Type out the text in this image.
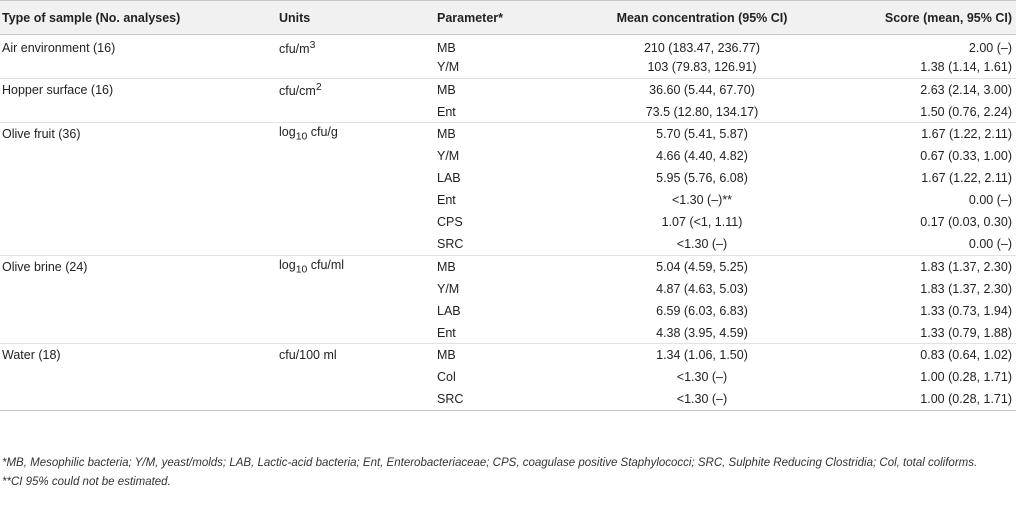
Type of sample (No. analyses)	Units	Parameter*	Mean concentration (95% CI)	Score (mean, 95% CI)
Air environment (16)	cfu/$m^3$	MB	210 (183.47, 236.77)	2.00 (–)
		Y/M	103 (79.83, 126.91)	1.38 (1.14, 1.61)
Hopper surface (16)	cfu/$cm^2$	MB	36.60 (5.44, 67.70)	2.63 (2.14, 3.00)
		Ent	73.5 (12.80, 134.17)	1.50 (0.76, 2.24)
Olive fruit (36)	$\log_{10} cfu/g$	MB	5.70 (5.41, 5.87)	1.67 (1.22, 2.11)
		Y/M	4.66 (4.40, 4.82)	0.67 (0.33, 1.00)
		LAB	5.95 (5.76, 6.08)	1.67 (1.22, 2.11)
		Ent	<1.30 (–)**	0.00 (–)
		CPS	1.07 (<1, 1.11)	0.17 (0.03, 0.30)
		SRC	<1.30 (–)	0.00 (–)
Olive brine (24)	$\log_{10} cfu/ml$	MB	5.04 (4.59, 5.25)	1.83 (1.37, 2.30)
		Y/M	4.87 (4.63, 5.03)	1.83 (1.37, 2.30)
		LAB	6.59 (6.03, 6.83)	1.33 (0.73, 1.94)
		Ent	4.38 (3.95, 4.59)	1.33 (0.79, 1.88)
Water (18)	cfu/100 ml	MB	1.34 (1.06, 1.50)	0.83 (0.64, 1.02)
		Col	<1.30 (–)	1.00 (0.28, 1.71)
		SRC	<1.30 (–)	1.00 (0.28, 1.71)

*MB, Mesophilic bacteria; Y/M, yeast/molds; LAB, Lactic-acid bacteria; Ent, Enterobacteriaceae; CPS, coagulase positive Staphylococci; SRC, Sulphite Reducing Clostridia; Col, total coliforms.

**CI 95% could not be estimated.
